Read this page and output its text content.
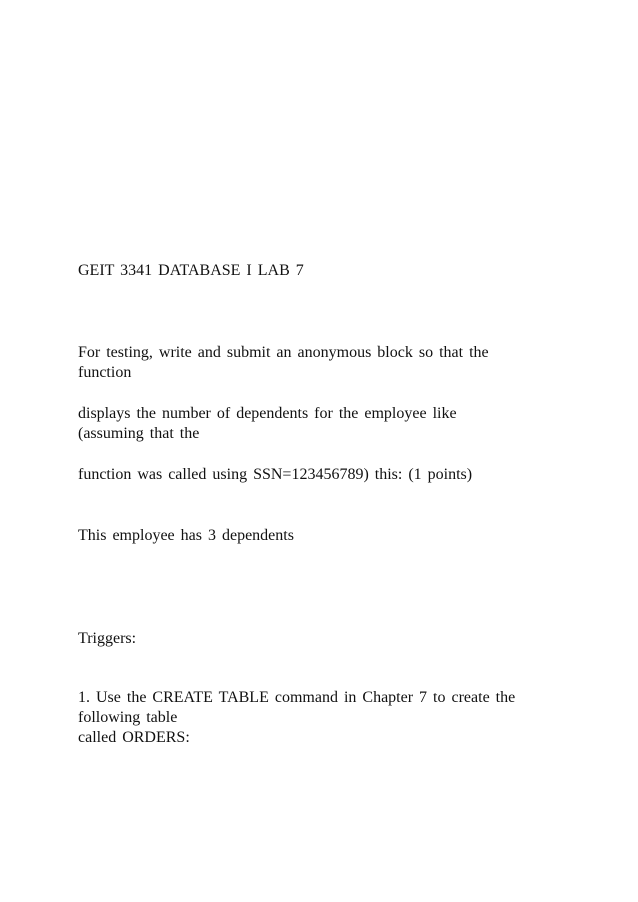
GEIT 3341 DATABASE I LAB 7
For testing, write and submit an anonymous block so that the
function
displays the number of dependents for the employee like
(assuming that the
function was called using SSN=123456789) this: (1 points)
This employee has 3 dependents
Triggers:
1. Use the CREATE TABLE command in Chapter 7 to create the
following table
called ORDERS:
